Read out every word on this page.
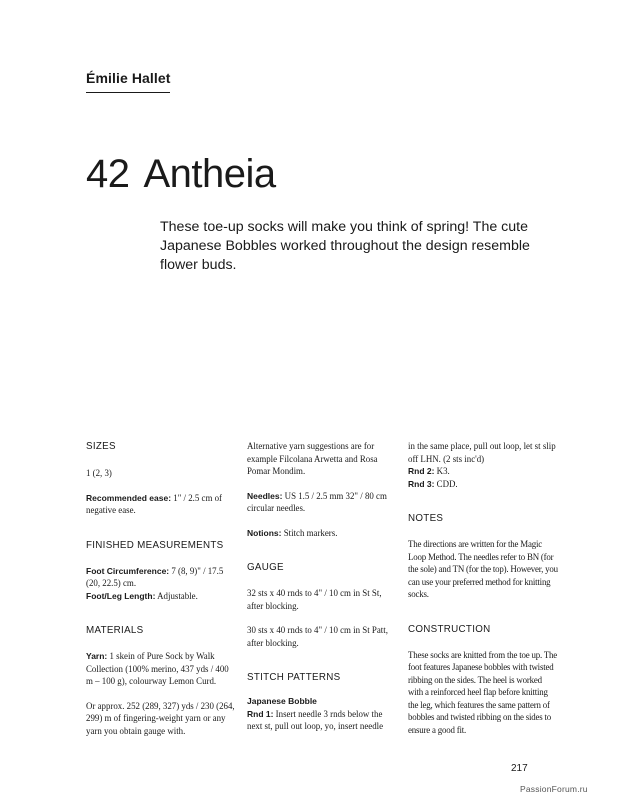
Émilie Hallet
42 Antheia
These toe-up socks will make you think of spring! The cute Japanese Bobbles worked throughout the design resemble flower buds.

SIZES

1 (2, 3)

Recommended ease: 1" / 2.5 cm of negative ease.

FINISHED MEASUREMENTS

Foot Circumference: 7 (8, 9)" / 17.5 (20, 22.5) cm.

Foot/Leg Length: Adjustable.

MATERIALS

Yarn: 1 skein of Pure Sock by Walk Collection (100% merino, 437 yds / 400 m – 100 g), colourway Lemon Curd.

Or approx. 252 (289, 327) yds / 230 (264, 299) m of fingering-weight yarn or any yarn you obtain gauge with.

Alternative yarn suggestions are for example Filcolana Arwetta and Rosa Pomar Mondim.

Needles: US 1.5 / 2.5 mm 32" / 80 cm circular needles.

Notions: Stitch markers.

GAUGE

32 sts x 40 rnds to 4" / 10 cm in St St, after blocking.

30 sts x 40 rnds to 4" / 10 cm in St Patt, after blocking.

STITCH PATTERNS

Japanese Bobble

Rnd 1: Insert needle 3 rnds below the next st, pull out loop, yo, insert needle

in the same place, pull out loop, let st slip off LHN. (2 sts inc'd)

Rnd 2: K3.

Rnd 3: CDD.

NOTES

The directions are written for the Magic Loop Method. The needles refer to BN (for the sole) and TN (for the top). However, you can use your preferred method for knitting socks.

CONSTRUCTION

These socks are knitted from the toe up. The foot features Japanese bobbles with twisted ribbing on the sides. The heel is worked with a reinforced heel flap before knitting the leg, which features the same pattern of bobbles and twisted ribbing on the sides to ensure a good fit.

217
PassionForum.ru
